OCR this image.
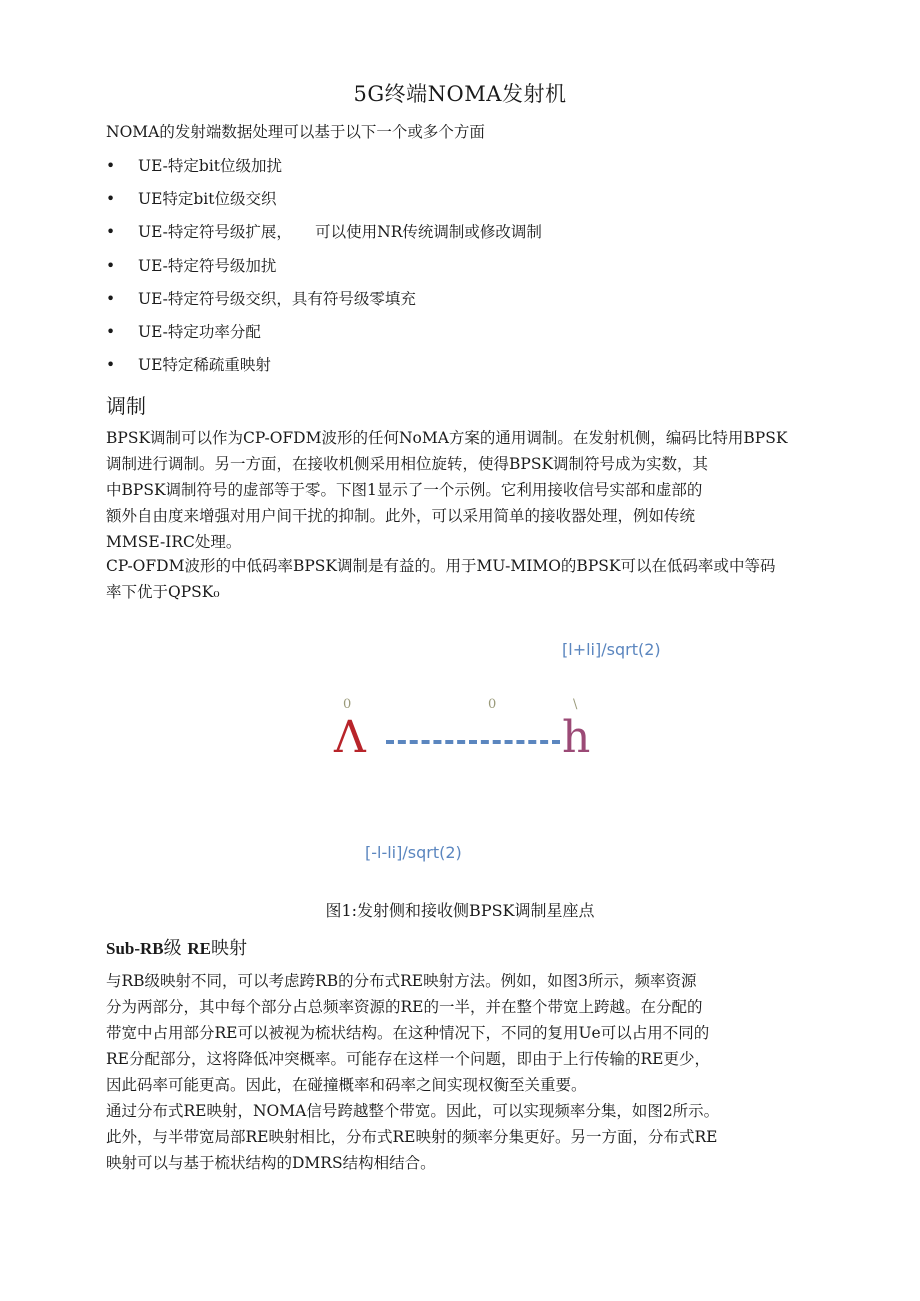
5G终端NOMA发射机
NOMA的发射端数据处理可以基于以下一个或多个方面
• UE-特定bit位级加扰
• UE特定bit位级交织
• UE-特定符号级扩展，　　可以使用NR传统调制或修改调制
• UE-特定符号级加扰
• UE-特定符号级交织，具有符号级零填充
• UE-特定功率分配
• UE特定稀疏重映射
调制
BPSK调制可以作为CP-OFDM波形的任何NoMA方案的通用调制。在发射机侧，编码比特用BPSK
调制进行调制。另一方面，在接收机侧采用相位旋转，使得BPSK调制符号成为实数，其
中BPSK调制符号的虚部等于零。下图1显示了一个示例。它利用接收信号实部和虚部的
额外自由度来增强对用户间干扰的抑制。此外，可以采用简单的接收器处理，例如传统
MMSE-IRC处理。
CP-OFDM波形的中低码率BPSK调制是有益的。用于MU-MIMO的BPSK可以在低码率或中等码
率下优于QPSK₀
[l+li]∕sqrt(2)
0	0	\
Λ	h
[-l-li]∕sqrt(2)
图1:发射侧和接收侧BPSK调制星座点
Sub-RB级 RE映射
与RB级映射不同，可以考虑跨RB的分布式RE映射方法。例如，如图3所示，频率资源
分为两部分，其中每个部分占总频率资源的RE的一半，并在整个带宽上跨越。在分配的
带宽中占用部分RE可以被视为梳状结构。在这种情况下，不同的复用Ue可以占用不同的
RE分配部分，这将降低冲突概率。可能存在这样一个问题，即由于上行传输的RE更少，
因此码率可能更高。因此，在碰撞概率和码率之间实现权衡至关重要。
通过分布式RE映射，NOMA信号跨越整个带宽。因此，可以实现频率分集，如图2所示。
此外，与半带宽局部RE映射相比，分布式RE映射的频率分集更好。另一方面，分布式RE
映射可以与基于梳状结构的DMRS结构相结合。
